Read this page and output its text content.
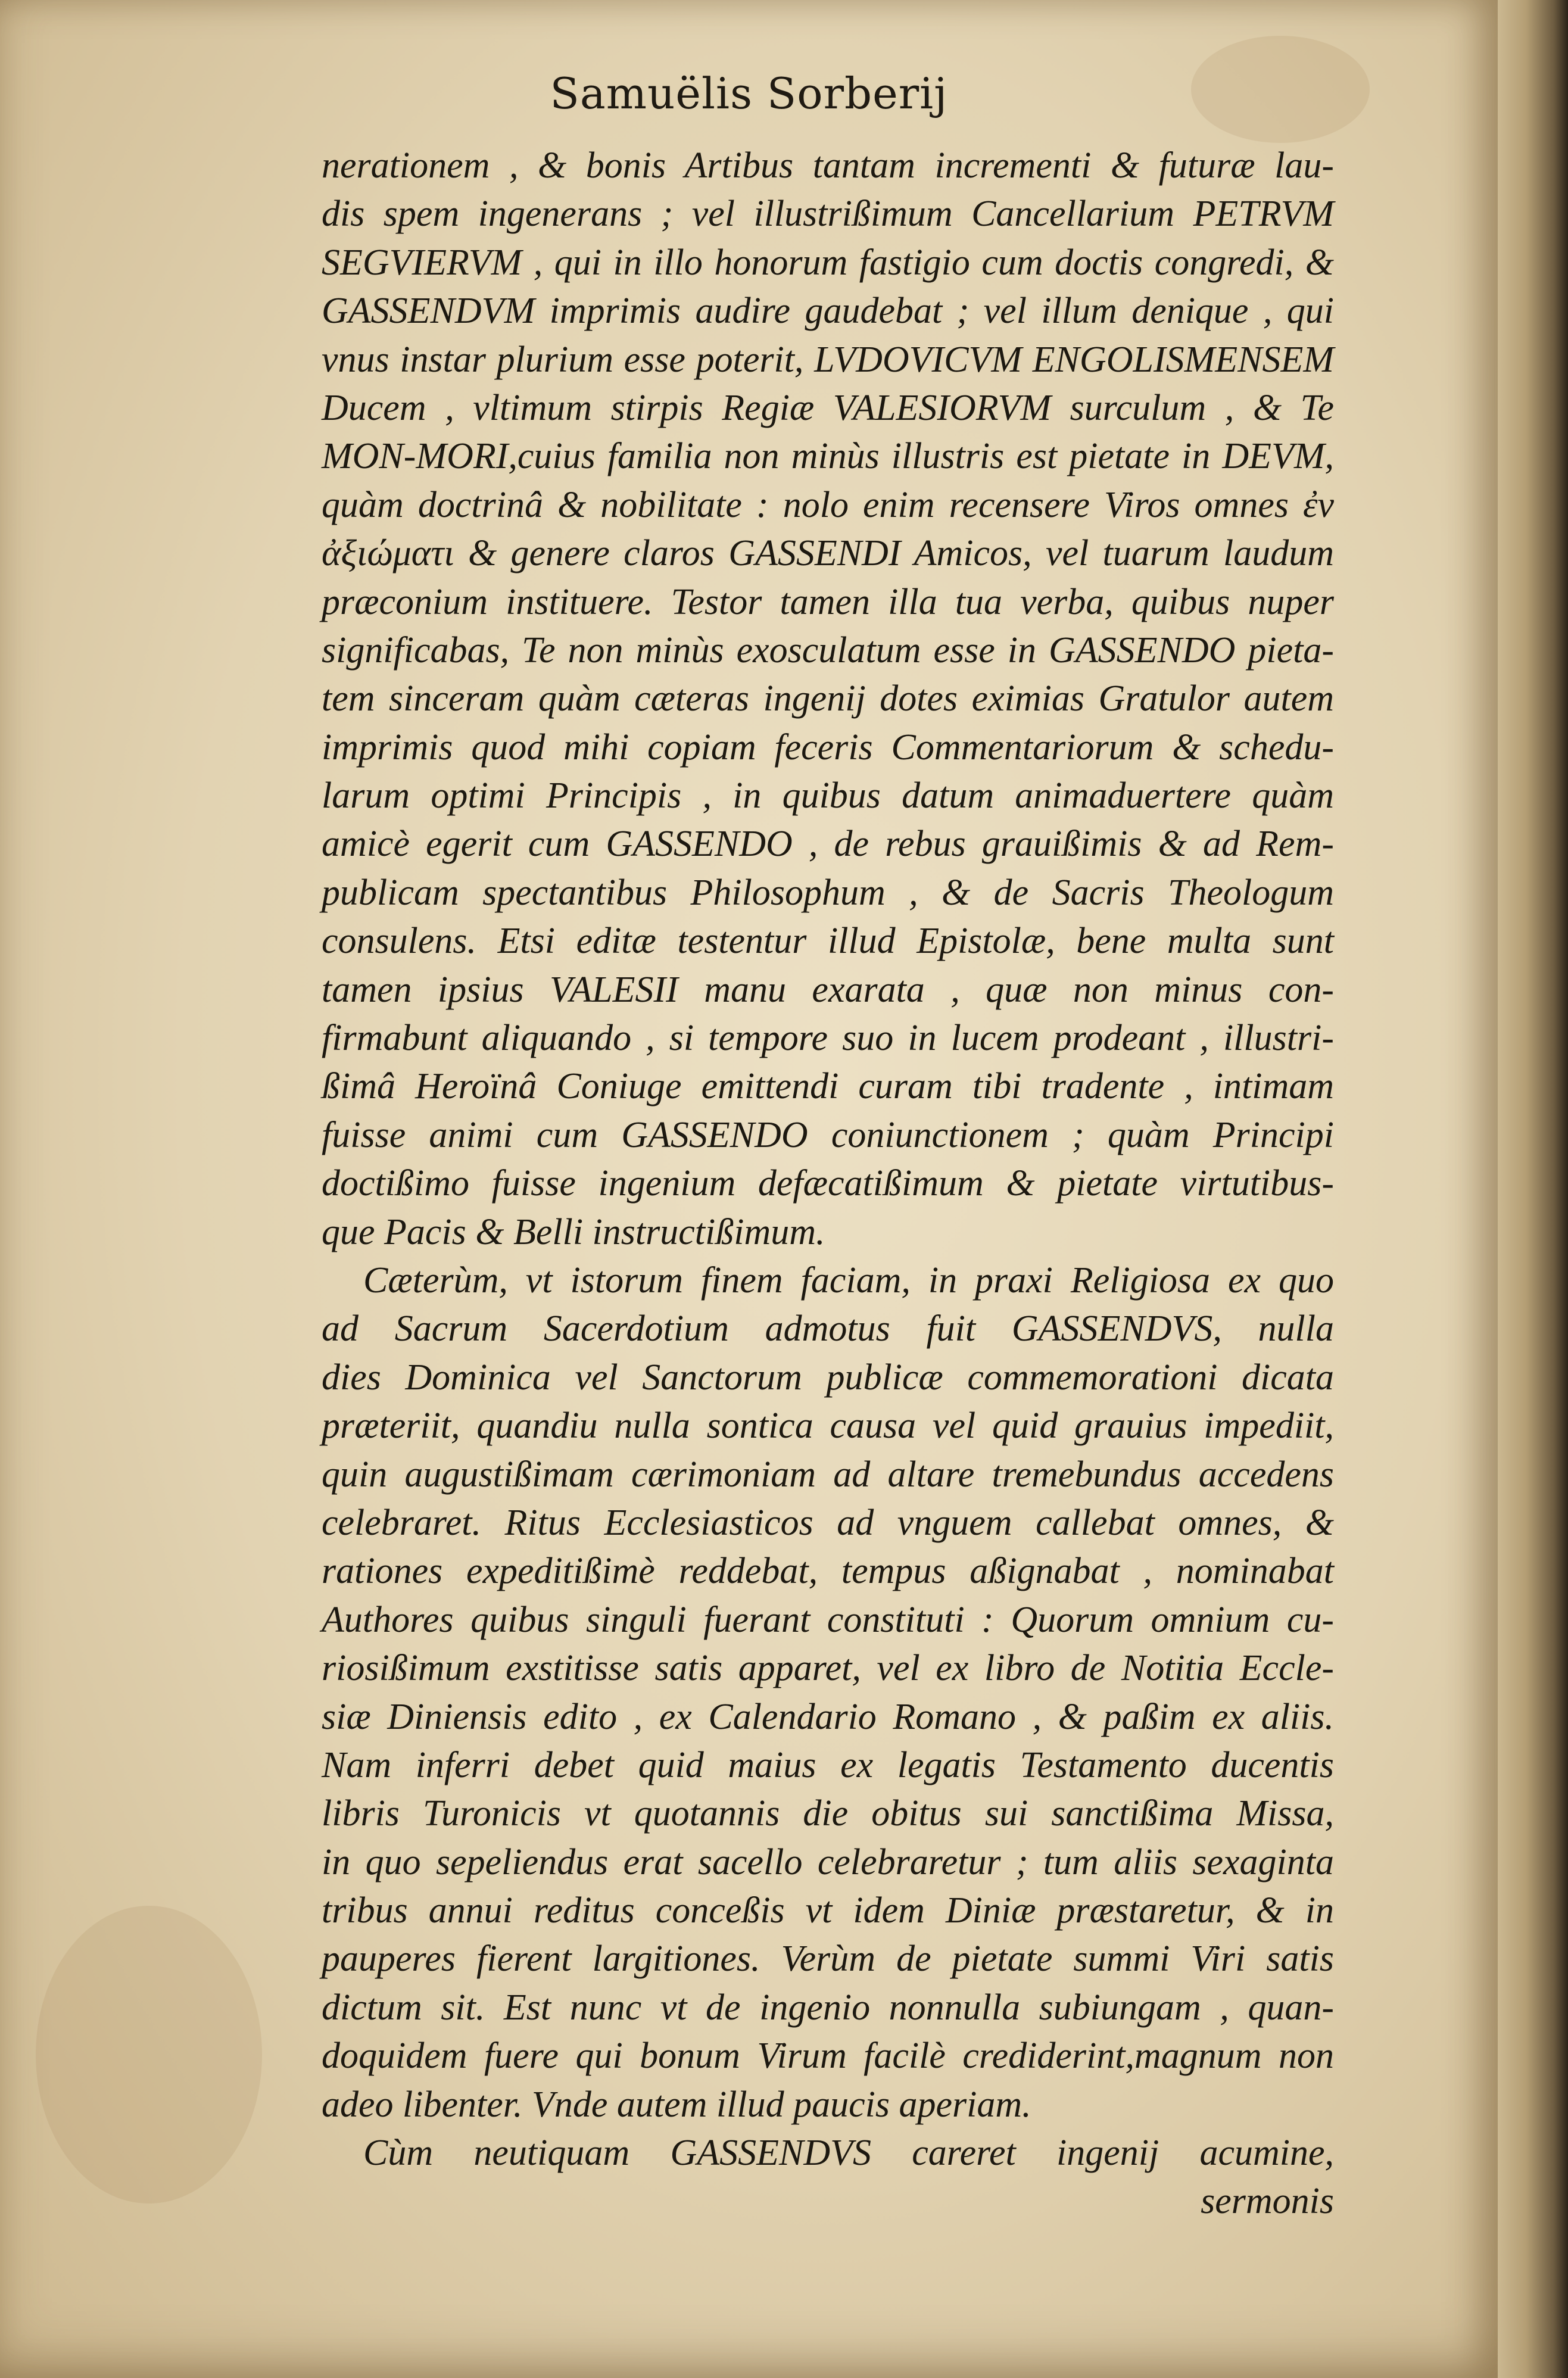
Samuëlis Sorberij
nerationem , & bonis Artibus tantam incrementi & futuræ lau-
dis spem ingenerans ; vel illustrißimum Cancellarium PETRVM
SEGVIERVM , qui in illo honorum fastigio cum doctis congredi, &
GASSENDVM imprimis audire gaudebat ; vel illum denique , qui
vnus instar plurium esse poterit, LVDOVICVM ENGOLISMENSEM
Ducem , vltimum stirpis Regiæ VALESIORVM surculum , & Te
MON-MORI,cuius familia non minùs illustris est pietate in DEVM,
quàm doctrinâ & nobilitate : nolo enim recensere Viros omnes ἐν
ἀξιώματι & genere claros GASSENDI Amicos, vel tuarum laudum
præconium instituere. Testor tamen illa tua verba, quibus nuper
significabas, Te non minùs exosculatum esse in GASSENDO pieta-
tem sinceram quàm cæteras ingenij dotes eximias Gratulor autem
imprimis quod mihi copiam feceris Commentariorum & schedu-
larum optimi Principis , in quibus datum animaduertere quàm
amicè egerit cum GASSENDO , de rebus grauißimis & ad Rem-
publicam spectantibus Philosophum , & de Sacris Theologum
consulens. Etsi editæ testentur illud Epistolæ, bene multa sunt
tamen ipsius VALESII manu exarata , quæ non minus con-
firmabunt aliquando , si tempore suo in lucem prodeant , illustri-
ßimâ Heroïnâ Coniuge emittendi curam tibi tradente , intimam
fuisse animi cum GASSENDO coniunctionem ; quàm Principi
doctißimo fuisse ingenium defæcatißimum & pietate virtutibus-
que Pacis & Belli instructißimum.
Cæterùm, vt istorum finem faciam, in praxi Religiosa ex quo
ad Sacrum Sacerdotium admotus fuit GASSENDVS, nulla
dies Dominica vel Sanctorum publicæ commemorationi dicata
præteriit, quandiu nulla sontica causa vel quid grauius impediit,
quin augustißimam cærimoniam ad altare tremebundus accedens
celebraret. Ritus Ecclesiasticos ad vnguem callebat omnes, &
rationes expeditißimè reddebat, tempus aßignabat , nominabat
Authores quibus singuli fuerant constituti : Quorum omnium cu-
riosißimum exstitisse satis apparet, vel ex libro de Notitia Eccle-
siæ Diniensis edito , ex Calendario Romano , & paßim ex aliis.
Nam inferri debet quid maius ex legatis Testamento ducentis
libris Turonicis vt quotannis die obitus sui sanctißima Missa,
in quo sepeliendus erat sacello celebraretur ; tum aliis sexaginta
tribus annui reditus conceßis vt idem Diniæ præstaretur, & in
pauperes fierent largitiones. Verùm de pietate summi Viri satis
dictum sit. Est nunc vt de ingenio nonnulla subiungam , quan-
doquidem fuere qui bonum Virum facilè crediderint,magnum non
adeo libenter. Vnde autem illud paucis aperiam.
Cùm neutiquam GASSENDVS careret ingenij acumine,
sermonis
